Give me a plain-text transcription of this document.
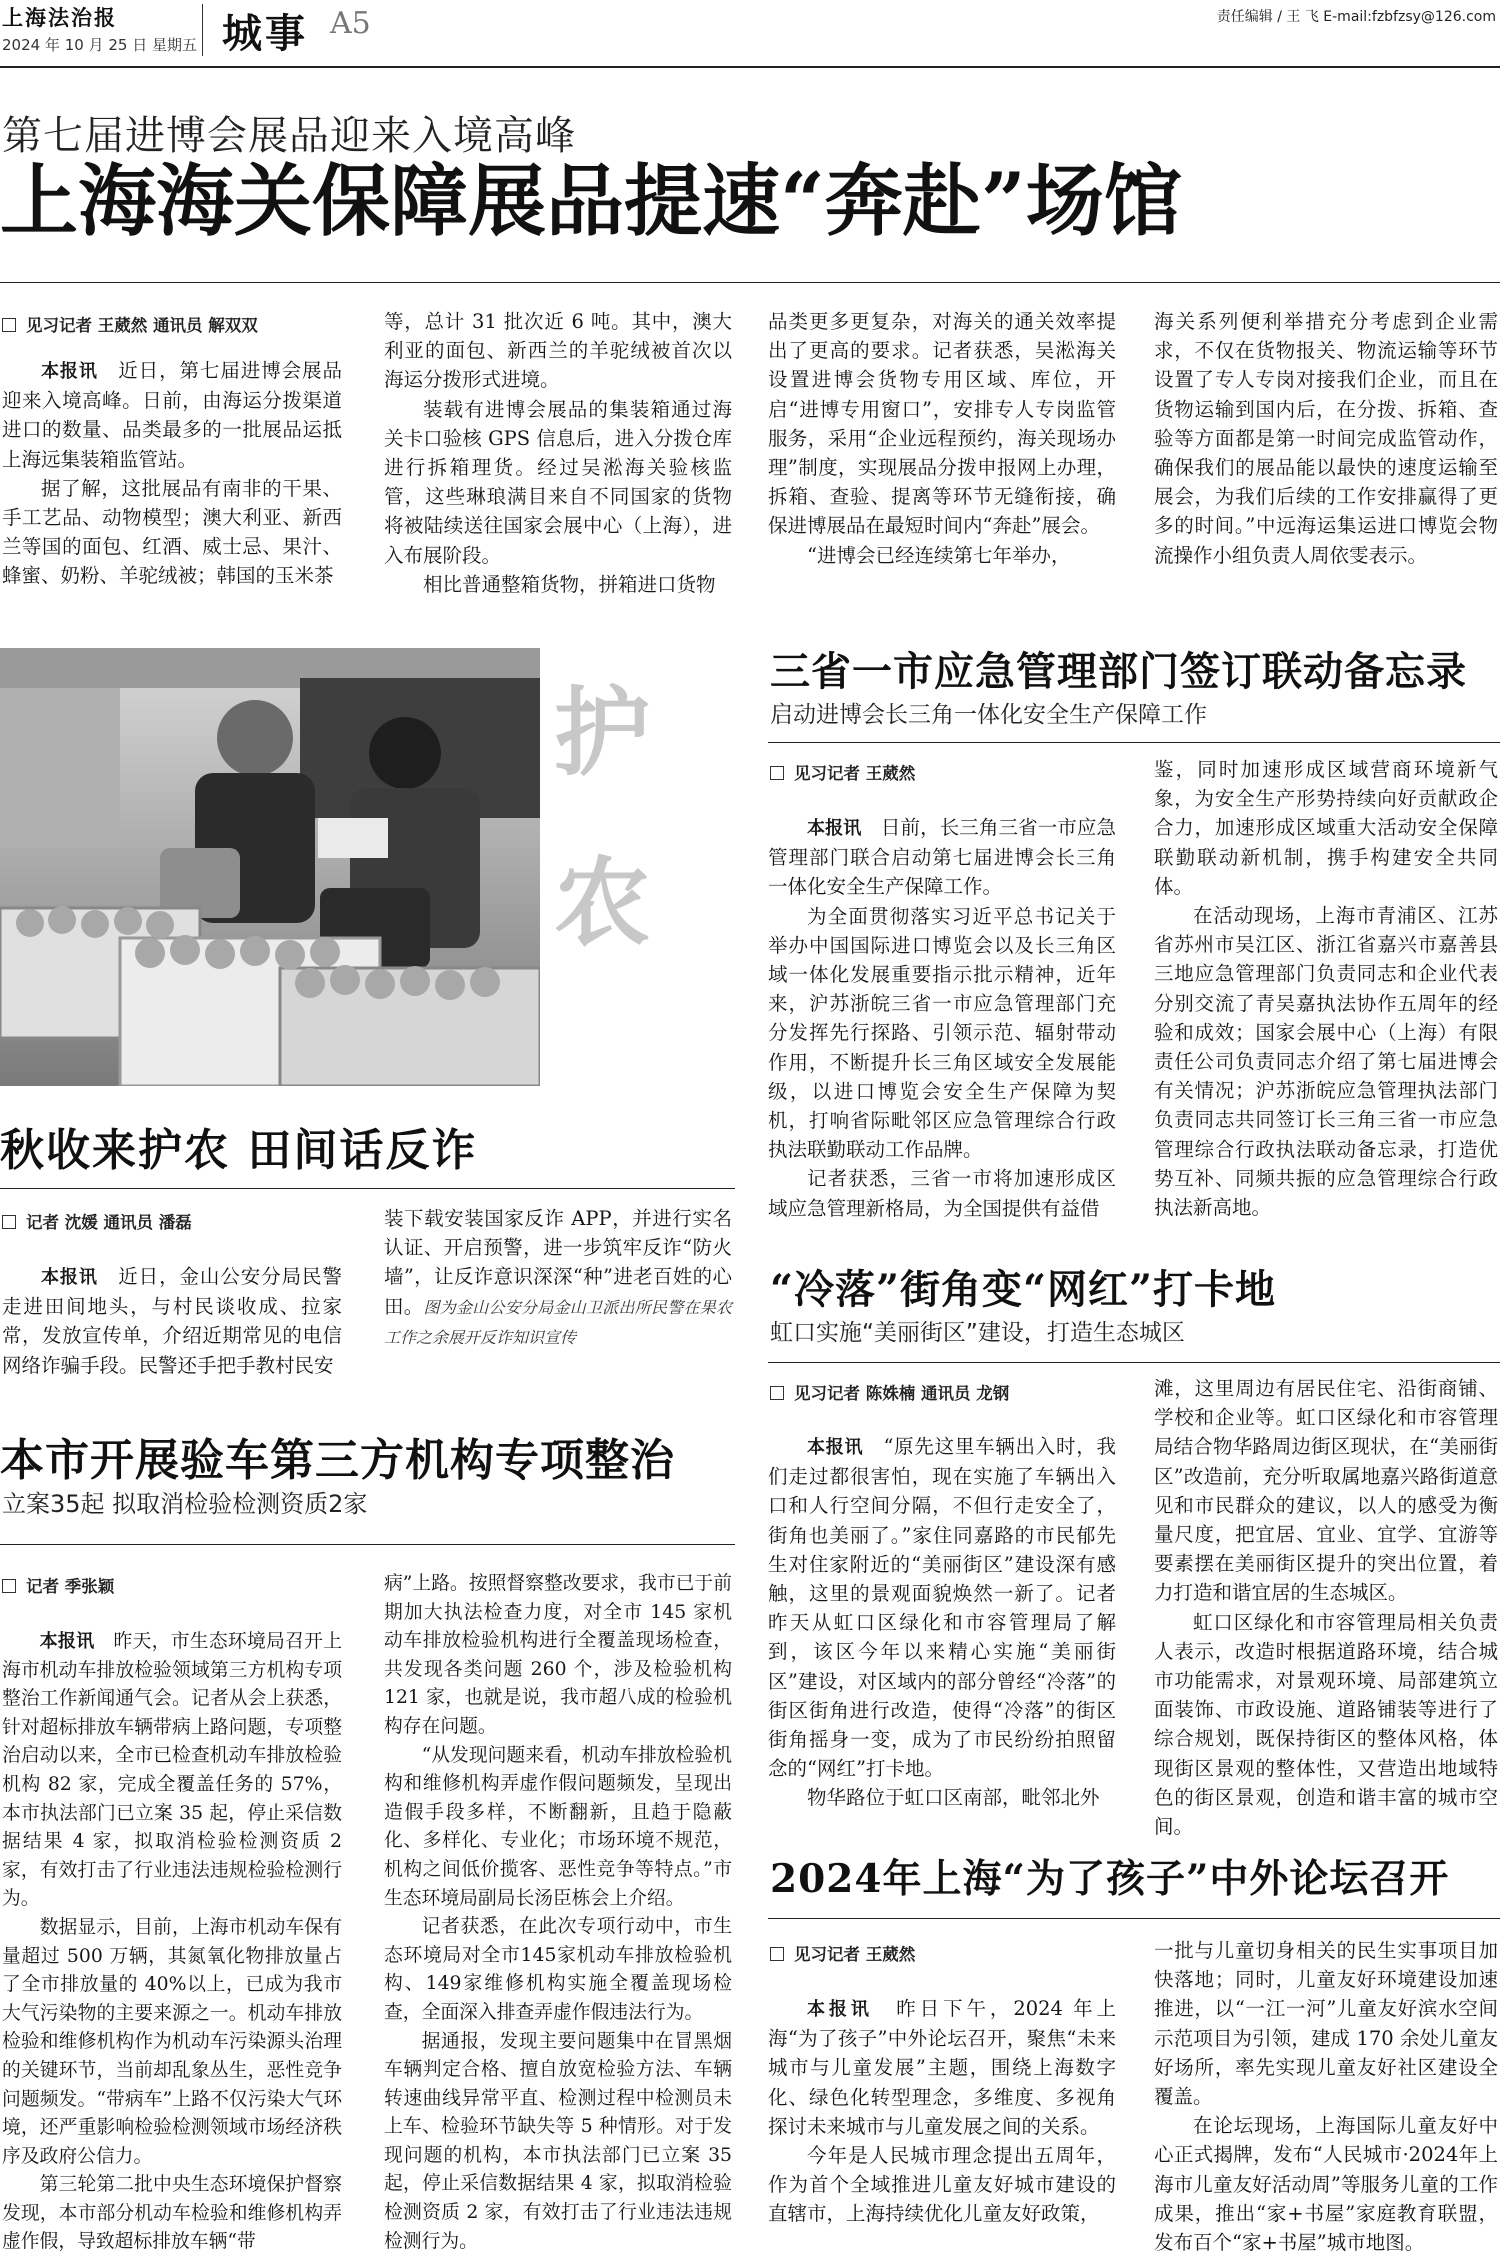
上海法治报
2024 年 10 月 25 日 星期五 城事 A5	责任编辑 / 王 飞 E-mail:fzbfzsy@126.com
第七届进博会展品迎来入境高峰
上海海关保障展品提速“奔赴”场馆
见习记者 王葳然 通讯员 解双双

本报讯　 近日，第七届进博会展品迎来入境高峰。日前，由海运分拨渠道进口的数量、品类最多的一批展品运抵上海远集装箱监管站。

据了解，这批展品有南非的干果、手工艺品、动物模型；澳大利亚、新西兰等国的面包、红酒、威士忌、果汁、蜂蜜、奶粉、羊驼绒被；韩国的玉米茶

等，总计 31 批次近 6 吨。其中，澳大利亚的面包、新西兰的羊驼绒被首次以海运分拨形式进境。

装载有进博会展品的集装箱通过海关卡口验核 GPS 信息后，进入分拨仓库进行拆箱理货。经过吴淞海关验核监管，这些琳琅满目来自不同国家的货物将被陆续送往国家会展中心（上海），进入布展阶段。

相比普通整箱货物，拼箱进口货物

品类更多更复杂，对海关的通关效率提出了更高的要求。记者获悉，吴淞海关设置进博会货物专用区域、库位，开启“进博专用窗口”，安排专人专岗监管服务，采用“企业远程预约，海关现场办理”制度，实现展品分拨申报网上办理，拆箱、查验、提离等环节无缝衔接，确保进博展品在最短时间内“奔赴”展会。

“进博会已经连续第七年举办，

海关系列便利举措充分考虑到企业需求，不仅在货物报关、物流运输等环节设置了专人专岗对接我们企业，而且在货物运输到国内后，在分拨、拆箱、查验等方面都是第一时间完成监管动作，确保我们的展品能以最快的速度运输至展会，为我们后续的工作安排赢得了更多的时间。”中远海运集运进口博览会物流操作小组负责人周依雯表示。

护农
秋收来护农 田间话反诈
记者 沈媛 通讯员 潘磊

本报讯　 近日，金山公安分局民警走进田间地头，与村民谈收成、拉家常，发放宣传单，介绍近期常见的电信网络诈骗手段。民警还手把手教村民安

装下载安装国家反诈 APP，并进行实名认证、开启预警，进一步筑牢反诈“防火墙”，让反诈意识深深“种”进老百姓的心田。图为金山公安分局金山卫派出所民警在果农工作之余展开反诈知识宣传

三省一市应急管理部门签订联动备忘录
启动进博会长三角一体化安全生产保障工作
见习记者 王葳然

本报讯　 日前，长三角三省一市应急管理部门联合启动第七届进博会长三角一体化安全生产保障工作。

为全面贯彻落实习近平总书记关于举办中国国际进口博览会以及长三角区域一体化发展重要指示批示精神，近年来，沪苏浙皖三省一市应急管理部门充分发挥先行探路、引领示范、辐射带动作用，不断提升长三角区域安全发展能级，以进口博览会安全生产保障为契机，打响省际毗邻区应急管理综合行政执法联勤联动工作品牌。

记者获悉，三省一市将加速形成区域应急管理新格局，为全国提供有益借

鉴，同时加速形成区域营商环境新气象，为安全生产形势持续向好贡献政企合力，加速形成区域重大活动安全保障联勤联动新机制，携手构建安全共同体。

在活动现场，上海市青浦区、江苏省苏州市吴江区、浙江省嘉兴市嘉善县三地应急管理部门负责同志和企业代表分别交流了青吴嘉执法协作五周年的经验和成效；国家会展中心（上海）有限责任公司负责同志介绍了第七届进博会有关情况；沪苏浙皖应急管理执法部门负责同志共同签订长三角三省一市应急管理综合行政执法联动备忘录，打造优势互补、同频共振的应急管理综合行政执法新高地。

本市开展验车第三方机构专项整治
立案35起 拟取消检验检测资质2家
记者 季张颖

本报讯　 昨天，市生态环境局召开上海市机动车排放检验领域第三方机构专项整治工作新闻通气会。记者从会上获悉，针对超标排放车辆带病上路问题，专项整治启动以来，全市已检查机动车排放检验机构 82 家，完成全覆盖任务的 57%，本市执法部门已立案 35 起，停止采信数据结果 4 家，拟取消检验检测资质 2 家，有效打击了行业违法违规检验检测行为。

数据显示，目前，上海市机动车保有量超过 500 万辆，其氮氧化物排放量占了全市排放量的 40%以上，已成为我市大气污染物的主要来源之一。机动车排放检验和维修机构作为机动车污染源头治理的关键环节，当前却乱象丛生，恶性竞争问题频发。“带病车”上路不仅污染大气环境，还严重影响检验检测领域市场经济秩序及政府公信力。

第三轮第二批中央生态环境保护督察发现，本市部分机动车检验和维修机构弄虚作假，导致超标排放车辆“带

病”上路。按照督察整改要求，我市已于前期加大执法检查力度，对全市 145 家机动车排放检验机构进行全覆盖现场检查，共发现各类问题 260 个，涉及检验机构 121 家，也就是说，我市超八成的检验机构存在问题。

“从发现问题来看，机动车排放检验机构和维修机构弄虚作假问题频发，呈现出造假手段多样，不断翻新，且趋于隐蔽化、多样化、专业化；市场环境不规范，机构之间低价揽客、恶性竞争等特点。”市生态环境局副局长汤臣栋会上介绍。

记者获悉，在此次专项行动中，市生态环境局对全市145家机动车排放检验机构、149家维修机构实施全覆盖现场检查，全面深入排查弄虚作假违法行为。

据通报，发现主要问题集中在冒黑烟车辆判定合格、擅自放宽检验方法、车辆转速曲线异常平直、检测过程中检测员未上车、检验环节缺失等 5 种情形。对于发现问题的机构，本市执法部门已立案 35 起，停止采信数据结果 4 家，拟取消检验检测资质 2 家，有效打击了行业违法违规检测行为。

“冷落”街角变“网红”打卡地
虹口实施“美丽街区”建设，打造生态城区
见习记者 陈姝楠 通讯员 龙钢

本报讯　 “原先这里车辆出入时，我们走过都很害怕，现在实施了车辆出入口和人行空间分隔，不但行走安全了，街角也美丽了。”家住同嘉路的市民郁先生对住家附近的“美丽街区”建设深有感触，这里的景观面貌焕然一新了。记者昨天从虹口区绿化和市容管理局了解到，该区今年以来精心实施“美丽街区”建设，对区域内的部分曾经“冷落”的街区街角进行改造，使得“冷落”的街区街角摇身一变，成为了市民纷纷拍照留念的“网红”打卡地。

物华路位于虹口区南部，毗邻北外

滩，这里周边有居民住宅、沿街商铺、学校和企业等。虹口区绿化和市容管理局结合物华路周边街区现状，在“美丽街区”改造前，充分听取属地嘉兴路街道意见和市民群众的建议，以人的感受为衡量尺度，把宜居、宜业、宜学、宜游等要素摆在美丽街区提升的突出位置，着力打造和谐宜居的生态城区。

虹口区绿化和市容管理局相关负责人表示，改造时根据道路环境，结合城市功能需求，对景观环境、局部建筑立面装饰、市政设施、道路铺装等进行了综合规划，既保持街区的整体风格，体现街区景观的整体性，又营造出地域特色的街区景观，创造和谐丰富的城市空间。

2024年上海“为了孩子”中外论坛召开
见习记者 王葳然

本报讯　 昨日下午，2024 年上海“为了孩子”中外论坛召开，聚焦“未来城市与儿童发展”主题，围绕上海数字化、绿色化转型理念，多维度、多视角探讨未来城市与儿童发展之间的关系。

今年是人民城市理念提出五周年，作为首个全域推进儿童友好城市建设的直辖市，上海持续优化儿童友好政策，

一批与儿童切身相关的民生实事项目加快落地；同时，儿童友好环境建设加速推进，以“一江一河”儿童友好滨水空间示范项目为引领，建成 170 余处儿童友好场所，率先实现儿童友好社区建设全覆盖。

在论坛现场，上海国际儿童友好中心正式揭牌，发布“人民城市·2024年上海市儿童友好活动周”等服务儿童的工作成果，推出“家+书屋”家庭教育联盟，发布百个“家+书屋”城市地图。
